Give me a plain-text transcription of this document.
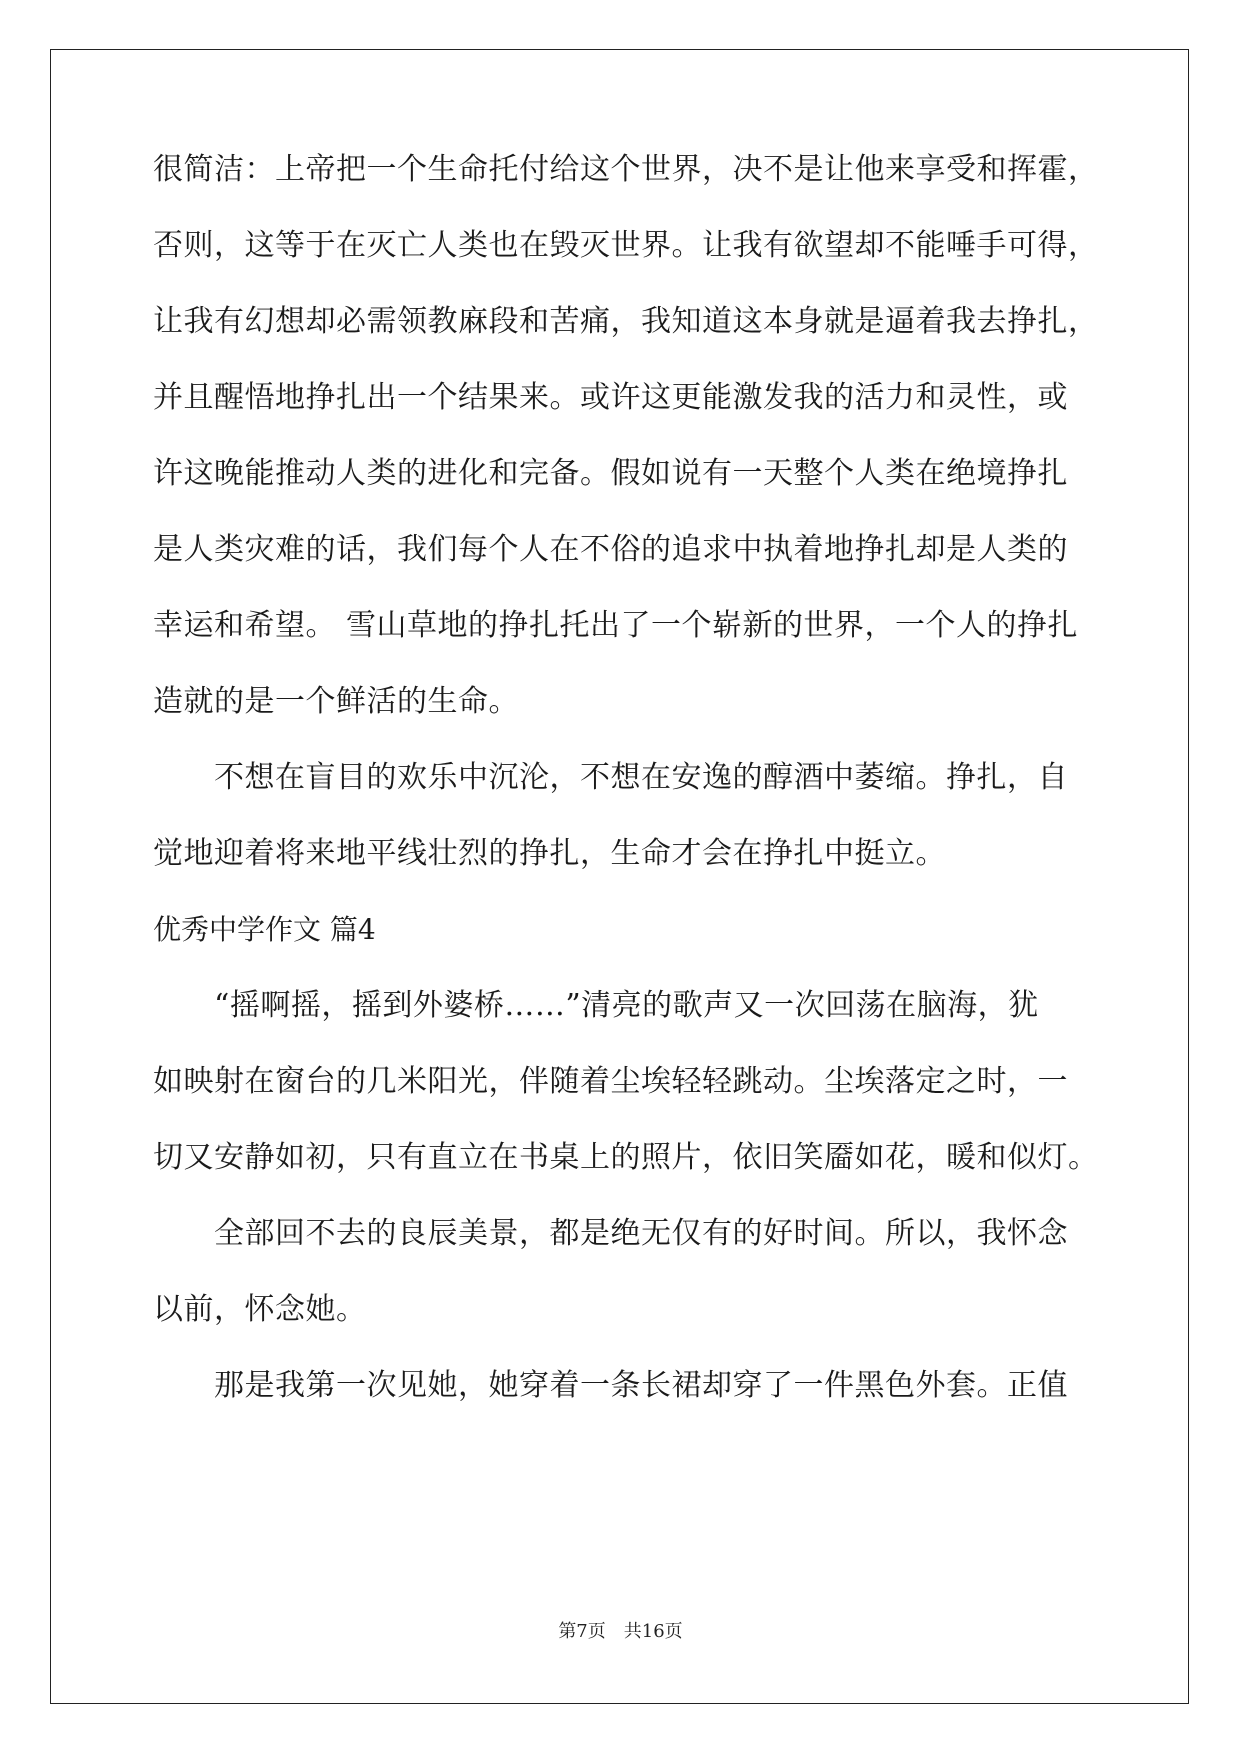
很简洁：上帝把一个生命托付给这个世界，决不是让他来享受和挥霍，
否则，这等于在灭亡人类也在毁灭世界。让我有欲望却不能唾手可得，
让我有幻想却必需领教麻段和苦痛，我知道这本身就是逼着我去挣扎，
并且醒悟地挣扎出一个结果来。或许这更能激发我的活力和灵性，或
许这晚能推动人类的进化和完备。假如说有一天整个人类在绝境挣扎
是人类灾难的话，我们每个人在不俗的追求中执着地挣扎却是人类的
幸运和希望。 雪山草地的挣扎托出了一个崭新的世界，一个人的挣扎
造就的是一个鲜活的生命。
不想在盲目的欢乐中沉沦，不想在安逸的醇酒中萎缩。挣扎，自
觉地迎着将来地平线壮烈的挣扎，生命才会在挣扎中挺立。
优秀中学作文 篇4
“摇啊摇，摇到外婆桥……”清亮的歌声又一次回荡在脑海，犹
如映射在窗台的几米阳光，伴随着尘埃轻轻跳动。尘埃落定之时，一
切又安静如初，只有直立在书桌上的照片，依旧笑靥如花，暖和似灯。
全部回不去的良辰美景，都是绝无仅有的好时间。所以，我怀念
以前，怀念她。
那是我第一次见她，她穿着一条长裙却穿了一件黑色外套。正值
第7页　共16页
